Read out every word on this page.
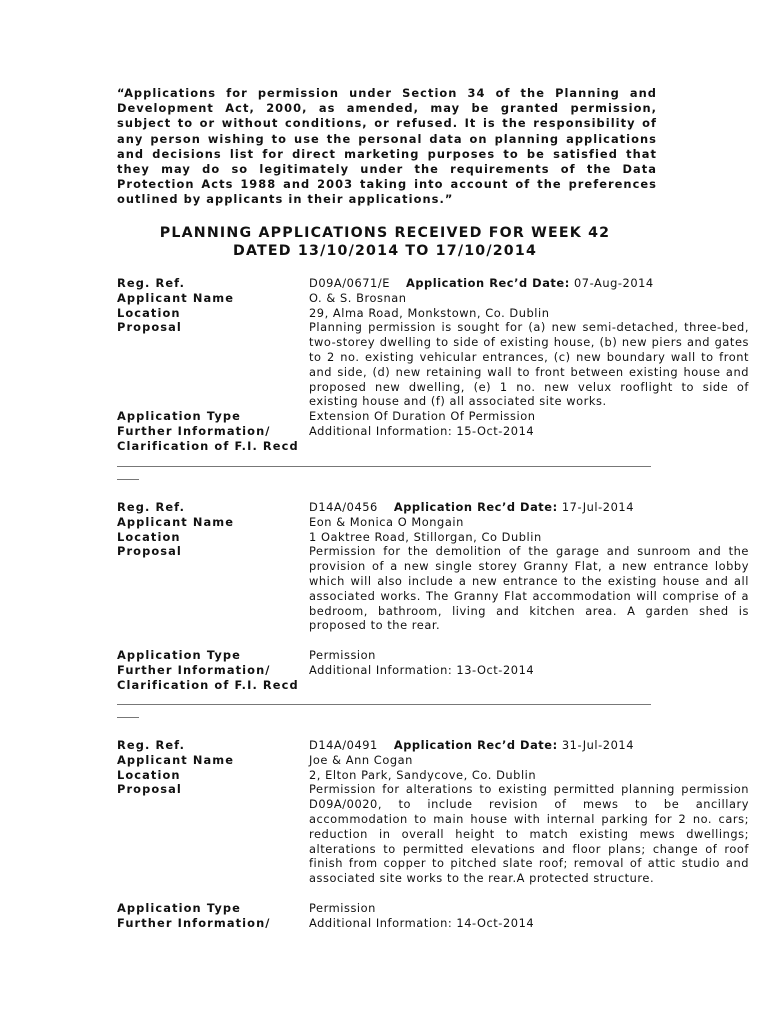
“Applications for permission under Section 34 of the Planning and Development Act, 2000, as amended, may be granted permission, subject to or without conditions, or refused. It is the responsibility of any person wishing to use the personal data on planning applications and decisions list for direct marketing purposes to be satisfied that they may do so legitimately under the requirements of the Data Protection Acts 1988 and 2003 taking into account of the preferences outlined by applicants in their applications.”

PLANNING APPLICATIONS RECEIVED FOR WEEK 42
DATED 13/10/2014 TO 17/10/2014
Reg. Ref.	D09A/0671/E Application Rec’d Date: 07-Aug-2014
Applicant Name	O. & S. Brosnan
Location	29, Alma Road, Monkstown, Co. Dublin
Proposal	Planning permission is sought for (a) new semi-detached, three-bed, two-storey dwelling to side of existing house, (b) new piers and gates to 2 no. existing vehicular entrances, (c) new boundary wall to front and side, (d) new retaining wall to front between existing house and proposed new dwelling, (e) 1 no. new velux rooflight to side of existing house and (f) all associated site works.

Application Type	Extension Of Duration Of Permission
Further Information/	Additional Information: 15-Oct-2014
Clarification of F.I. Recd
Reg. Ref.	D14A/0456 Application Rec’d Date: 17-Jul-2014
Applicant Name	Eon & Monica O Mongain
Location	1 Oaktree Road, Stillorgan, Co Dublin
Proposal	Permission for the demolition of the garage and sunroom and the provision of a new single storey Granny Flat, a new entrance lobby which will also include a new entrance to the existing house and all associated works. The Granny Flat accommodation will comprise of a bedroom, bathroom, living and kitchen area. A garden shed is proposed to the rear.

Application Type	Permission
Further Information/	Additional Information: 13-Oct-2014
Clarification of F.I. Recd
Reg. Ref.	D14A/0491 Application Rec’d Date: 31-Jul-2014
Applicant Name	Joe & Ann Cogan
Location	2, Elton Park, Sandycove, Co. Dublin
Proposal	Permission for alterations to existing permitted planning permission D09A/0020, to include revision of mews to be ancillary accommodation to main house with internal parking for 2 no. cars; reduction in overall height to match existing mews dwellings; alterations to permitted elevations and floor plans; change of roof finish from copper to pitched slate roof; removal of attic studio and associated site works to the rear.A protected structure.

Application Type	Permission
Further Information/	Additional Information: 14-Oct-2014
